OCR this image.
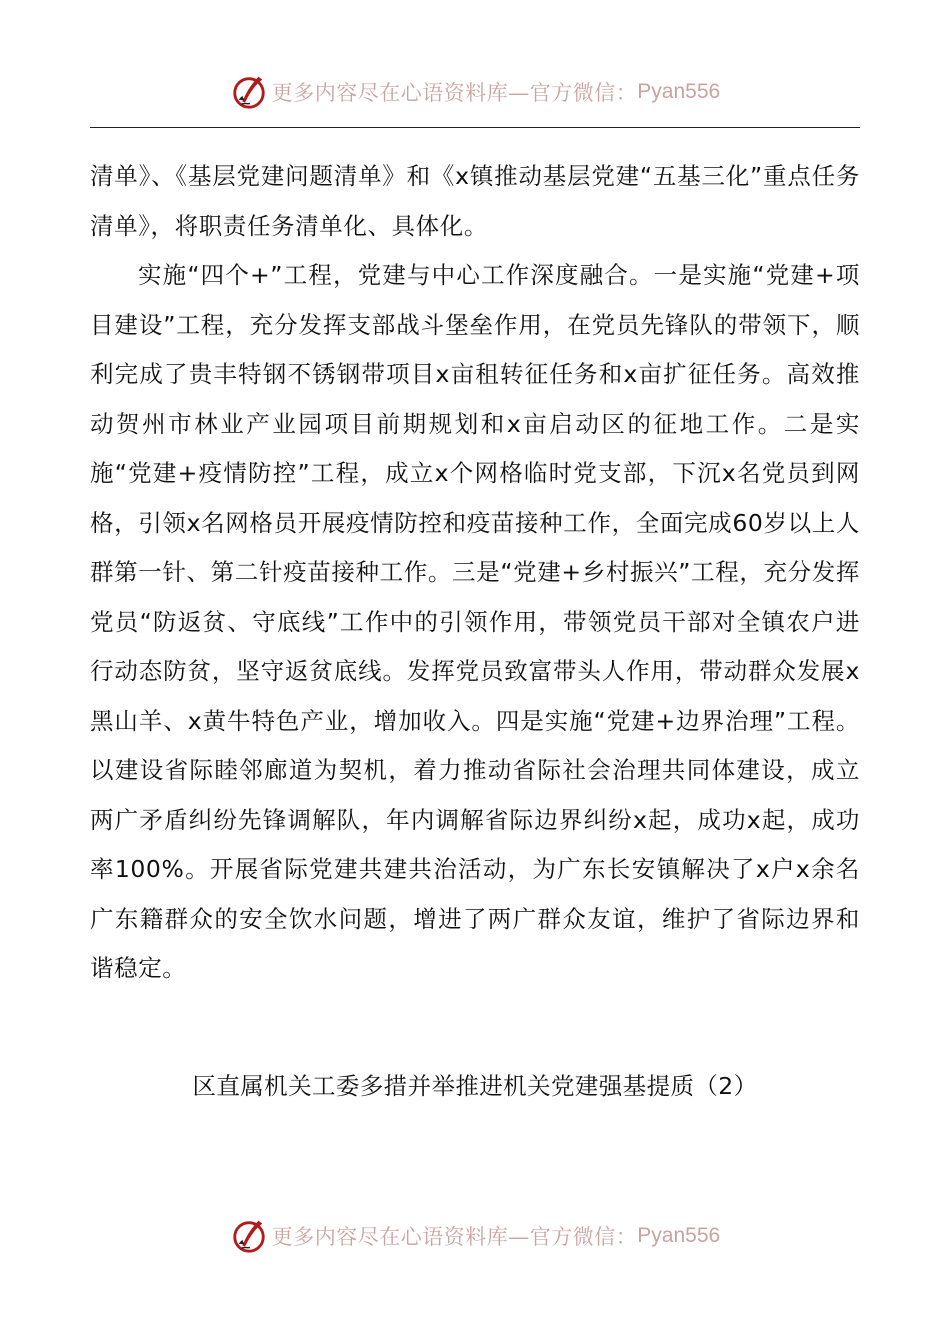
更多内容尽在心语资料库—官方微信： Pyan556

清单》、《基层党建问题清单》和《x镇推动基层党建“五基三化”重点任务清单》，将职责任务清单化、具体化。

实施“四个+”工程，党建与中心工作深度融合。一是实施“党建+项目建设”工程，充分发挥支部战斗堡垒作用，在党员先锋队的带领下，顺利完成了贵丰特钢不锈钢带项目x亩租转征任务和x亩扩征任务。高效推动贺州市林业产业园项目前期规划和x亩启动区的征地工作。二是实施“党建+疫情防控”工程，成立x个网格临时党支部，下沉x名党员到网格，引领x名网格员开展疫情防控和疫苗接种工作，全面完成60岁以上人群第一针、第二针疫苗接种工作。三是“党建+乡村振兴”工程，充分发挥党员“防返贫、守底线”工作中的引领作用，带领党员干部对全镇农户进行动态防贫，坚守返贫底线。发挥党员致富带头人作用，带动群众发展x黑山羊、x黄牛特色产业，增加收入。四是实施“党建+边界治理”工程。以建设省际睦邻廊道为契机，着力推动省际社会治理共同体建设，成立两广矛盾纠纷先锋调解队，年内调解省际边界纠纷x起，成功x起，成功率100%。开展省际党建共建共治活动，为广东长安镇解决了x户x余名广东籍群众的安全饮水问题，增进了两广群众友谊，维护了省际边界和谐稳定。

区直属机关工委多措并举推进机关党建强基提质（2）
更多内容尽在心语资料库—官方微信： Pyan556
